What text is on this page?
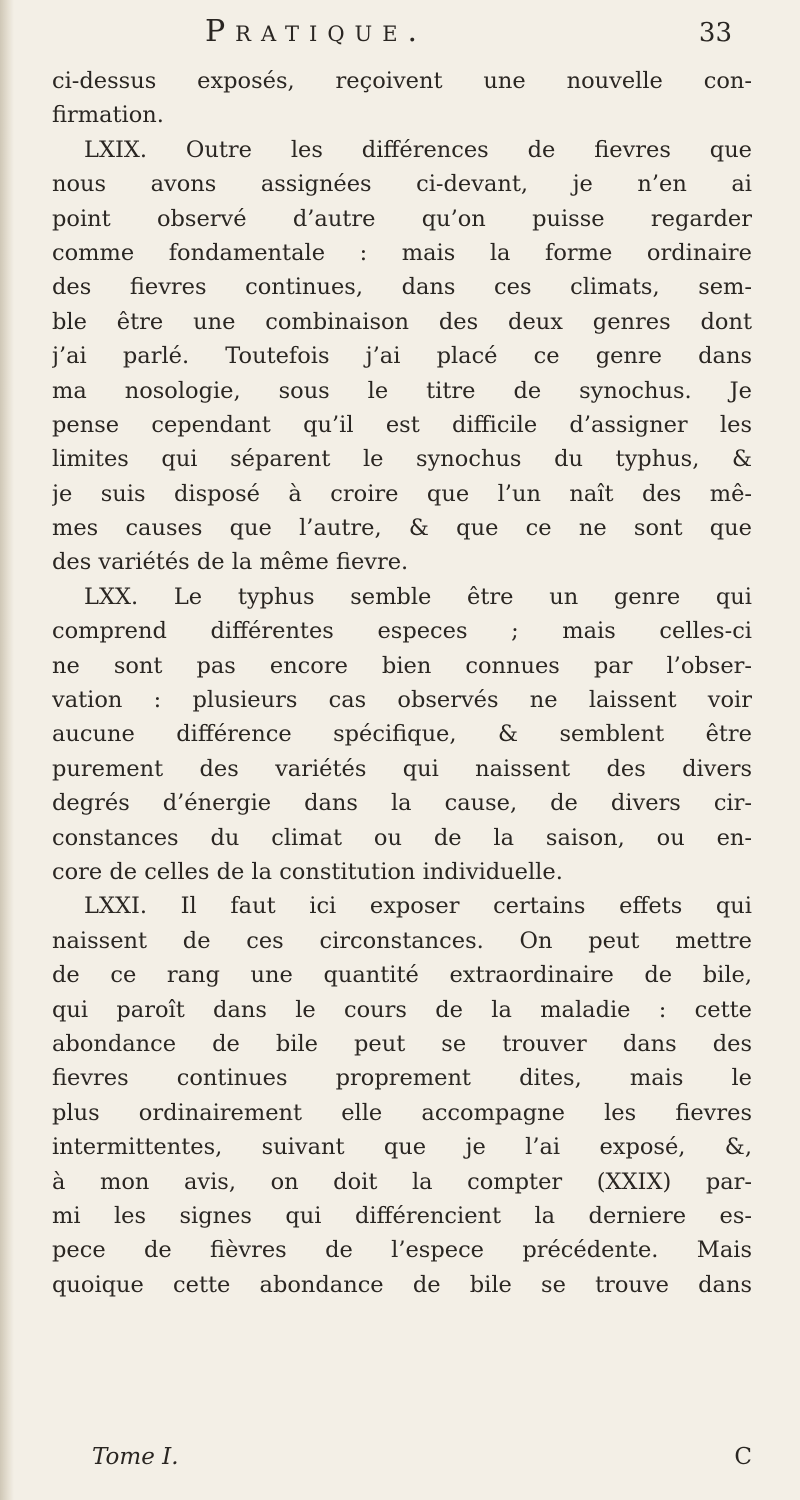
Pratique.	33
ci-dessus exposés, reçoivent une nouvelle con-
firmation.
LXIX. Outre les différences de fievres que
nous avons assignées ci-devant, je n’en ai
point observé d’autre qu’on puisse regarder
comme fondamentale : mais la forme ordinaire
des fievres continues, dans ces climats, sem-
ble être une combinaison des deux genres dont
j’ai parlé. Toutefois j’ai placé ce genre dans
ma nosologie, sous le titre de synochus. Je
pense cependant qu’il est difficile d’assigner les
limites qui séparent le synochus du typhus, &
je suis disposé à croire que l’un naît des mê-
mes causes que l’autre, & que ce ne sont que
des variétés de la même fievre.
LXX. Le typhus semble être un genre qui
comprend différentes especes ; mais celles-ci
ne sont pas encore bien connues par l’obser-
vation : plusieurs cas observés ne laissent voir
aucune différence spécifique, & semblent être
purement des variétés qui naissent des divers
degrés d’énergie dans la cause, de divers cir-
constances du climat ou de la saison, ou en-
core de celles de la constitution individuelle.
LXXI. Il faut ici exposer certains effets qui
naissent de ces circonstances. On peut mettre
de ce rang une quantité extraordinaire de bile,
qui paroît dans le cours de la maladie : cette
abondance de bile peut se trouver dans des
fievres continues proprement dites, mais le
plus ordinairement elle accompagne les fievres
intermittentes, suivant que je l’ai exposé, &,
à mon avis, on doit la compter (XXIX) par-
mi les signes qui différencient la derniere es-
pece de fièvres de l’espece précédente. Mais
quoique cette abondance de bile se trouve dans
Tome I.	C
